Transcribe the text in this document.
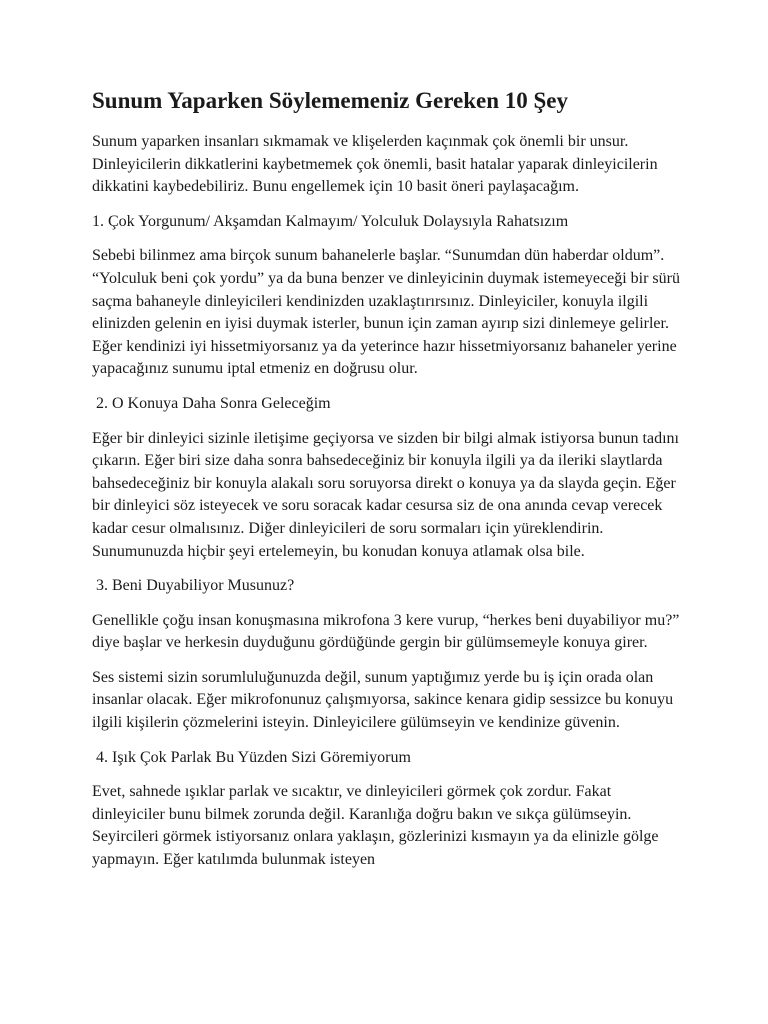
Sunum Yaparken Söylememeniz Gereken 10 Şey

Sunum yaparken insanları sıkmamak ve klişelerden kaçınmak çok önemli bir unsur. Dinleyicilerin dikkatlerini kaybetmemek çok önemli, basit hatalar yaparak dinleyicilerin dikkatini kaybedebiliriz. Bunu engellemek için 10 basit öneri paylaşacağım.

1. Çok Yorgunum/ Akşamdan Kalmayım/ Yolculuk Dolaysıyla Rahatsızım

Sebebi bilinmez ama birçok sunum bahanelerle başlar. “Sunumdan dün haberdar oldum”. “Yolculuk beni çok yordu” ya da buna benzer ve dinleyicinin duymak istemeyeceği bir sürü saçma bahaneyle dinleyicileri kendinizden uzaklaştırırsınız. Dinleyiciler, konuyla ilgili elinizden gelenin en iyisi duymak isterler, bunun için zaman ayırıp sizi dinlemeye gelirler. Eğer kendinizi iyi hissetmiyorsanız ya da yeterince hazır hissetmiyorsanız bahaneler yerine yapacağınız sunumu iptal etmeniz en doğrusu olur.

2. O Konuya Daha Sonra Geleceğim

Eğer bir dinleyici sizinle iletişime geçiyorsa ve sizden bir bilgi almak istiyorsa bunun tadını çıkarın. Eğer biri size daha sonra bahsedeceğiniz bir konuyla ilgili ya da ileriki slaytlarda bahsedeceğiniz bir konuyla alakalı soru soruyorsa direkt o konuya ya da slayda geçin. Eğer bir dinleyici söz isteyecek ve soru soracak kadar cesursa siz de ona anında cevap verecek kadar cesur olmalısınız. Diğer dinleyicileri de soru sormaları için yüreklendirin. Sunumunuzda hiçbir şeyi ertelemeyin, bu konudan konuya atlamak olsa bile.

3. Beni Duyabiliyor Musunuz?

Genellikle çoğu insan konuşmasına mikrofona 3 kere vurup, “herkes beni duyabiliyor mu?” diye başlar ve herkesin duyduğunu gördüğünde gergin bir gülümsemeyle konuya girer.

Ses sistemi sizin sorumluluğunuzda değil, sunum yaptığımız yerde bu iş için orada olan insanlar olacak. Eğer mikrofonunuz çalışmıyorsa, sakince kenara gidip sessizce bu konuyu ilgili kişilerin çözmelerini isteyin. Dinleyicilere gülümseyin ve kendinize güvenin.

4. Işık Çok Parlak Bu Yüzden Sizi Göremiyorum

Evet, sahnede ışıklar parlak ve sıcaktır, ve dinleyicileri görmek çok zordur. Fakat dinleyiciler bunu bilmek zorunda değil. Karanlığa doğru bakın ve sıkça gülümseyin. Seyircileri görmek istiyorsanız onlara yaklaşın, gözlerinizi kısmayın ya da elinizle gölge yapmayın. Eğer katılımda bulunmak isteyen
